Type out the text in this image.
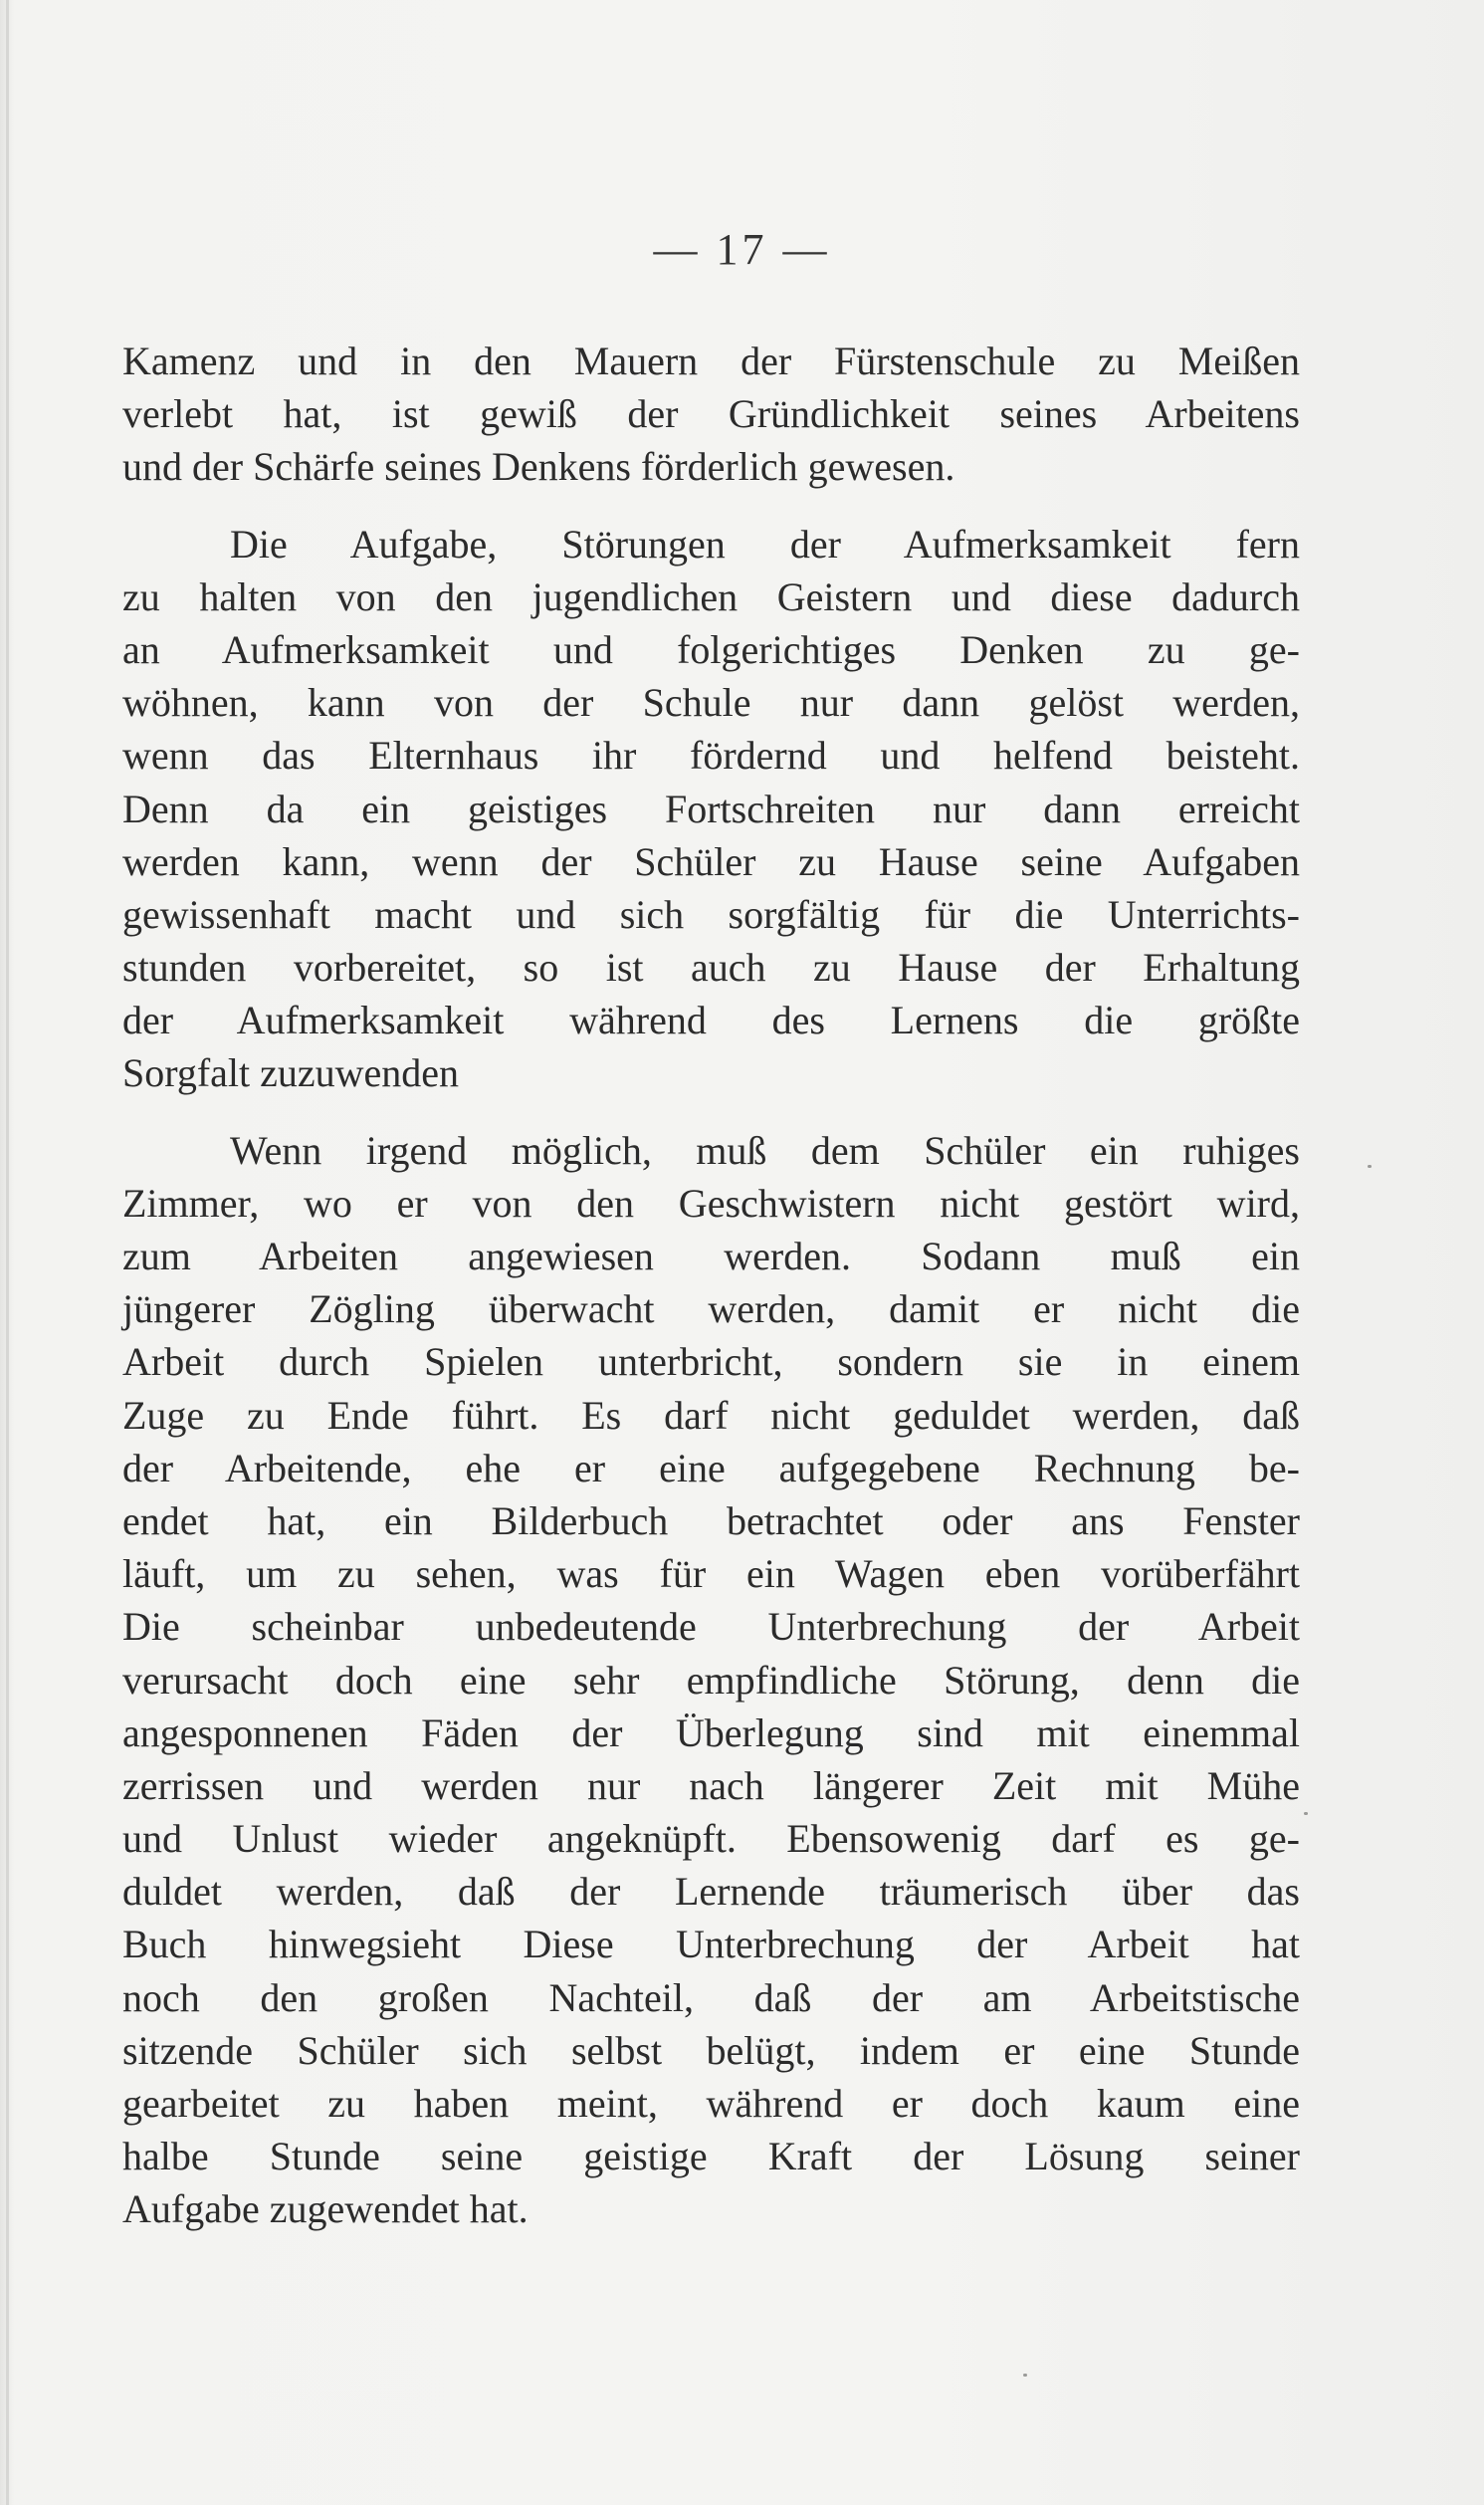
— 17 —
Kamenz und in den Mauern der Fürstenschule zu Meißen
verlebt hat, ist gewiß der Gründlichkeit seines Arbeitens
und der Schärfe seines Denkens förderlich gewesen.
Die Aufgabe, Störungen der Aufmerksamkeit fern
zu halten von den jugendlichen Geistern und diese dadurch
an Aufmerksamkeit und folgerichtiges Denken zu ge-
wöhnen, kann von der Schule nur dann gelöst werden,
wenn das Elternhaus ihr fördernd und helfend beisteht.
Denn da ein geistiges Fortschreiten nur dann erreicht
werden kann, wenn der Schüler zu Hause seine Aufgaben
gewissenhaft macht und sich sorgfältig für die Unterrichts-
stunden vorbereitet, so ist auch zu Hause der Erhaltung
der Aufmerksamkeit während des Lernens die größte
Sorgfalt zuzuwenden
Wenn irgend möglich, muß dem Schüler ein ruhiges
Zimmer, wo er von den Geschwistern nicht gestört wird,
zum Arbeiten angewiesen werden. Sodann muß ein
jüngerer Zögling überwacht werden, damit er nicht die
Arbeit durch Spielen unterbricht, sondern sie in einem
Zuge zu Ende führt. Es darf nicht geduldet werden, daß
der Arbeitende, ehe er eine aufgegebene Rechnung be-
endet hat, ein Bilderbuch betrachtet oder ans Fenster
läuft, um zu sehen, was für ein Wagen eben vorüberfährt
Die scheinbar unbedeutende Unterbrechung der Arbeit
verursacht doch eine sehr empfindliche Störung, denn die
angesponnenen Fäden der Überlegung sind mit einemmal
zerrissen und werden nur nach längerer Zeit mit Mühe
und Unlust wieder angeknüpft. Ebensowenig darf es ge-
duldet werden, daß der Lernende träumerisch über das
Buch hinwegsieht Diese Unterbrechung der Arbeit hat
noch den großen Nachteil, daß der am Arbeitstische
sitzende Schüler sich selbst belügt, indem er eine Stunde
gearbeitet zu haben meint, während er doch kaum eine
halbe Stunde seine geistige Kraft der Lösung seiner
Aufgabe zugewendet hat.
